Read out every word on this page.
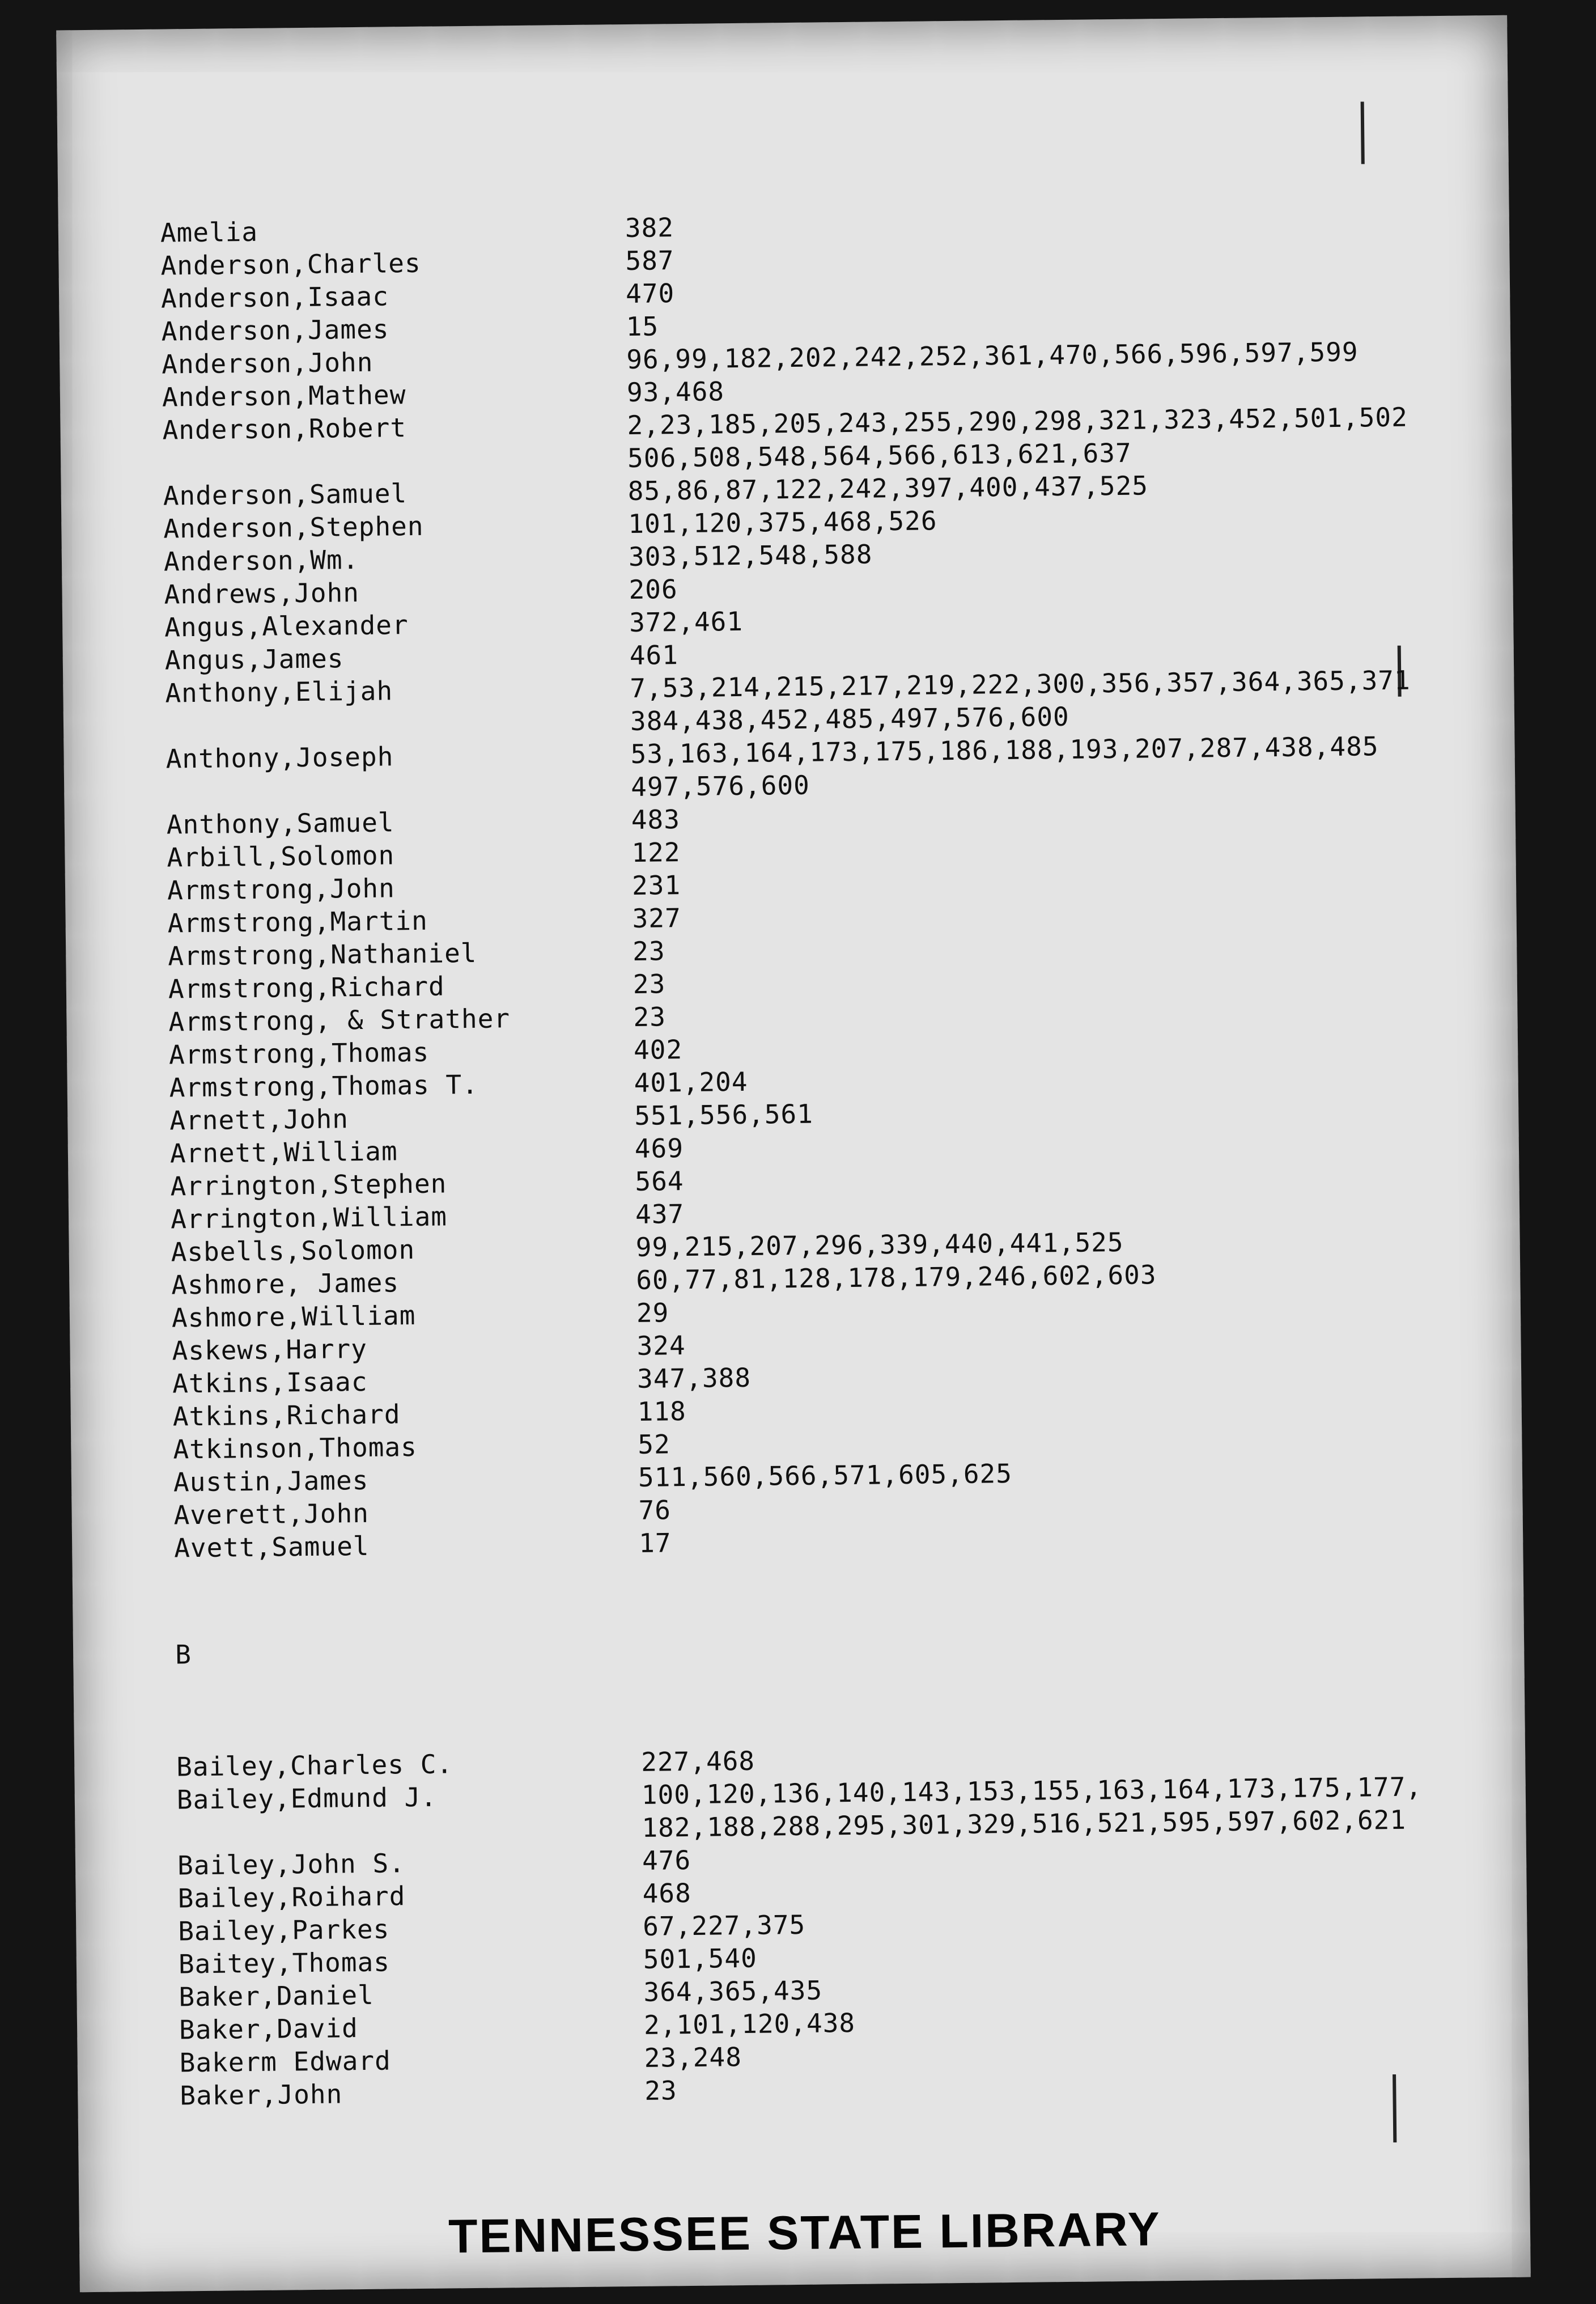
Amelia	382
Anderson,Charles	587
Anderson,Isaac	470
Anderson,James	15
Anderson,John	96,99,182,202,242,252,361,470,566,596,597,599
Anderson,Mathew	93,468
Anderson,Robert	2,23,185,205,243,255,290,298,321,323,452,501,502
506,508,548,564,566,613,621,637
Anderson,Samuel	85,86,87,122,242,397,400,437,525
Anderson,Stephen	101,120,375,468,526
Anderson,Wm.	303,512,548,588
Andrews,John	206
Angus,Alexander	372,461
Angus,James	461
Anthony,Elijah	7,53,214,215,217,219,222,300,356,357,364,365,371
384,438,452,485,497,576,600
Anthony,Joseph	53,163,164,173,175,186,188,193,207,287,438,485
497,576,600
Anthony,Samuel	483
Arbill,Solomon	122
Armstrong,John	231
Armstrong,Martin	327
Armstrong,Nathaniel	23
Armstrong,Richard	23
Armstrong, & Strather	23
Armstrong,Thomas	402
Armstrong,Thomas T.	401,204
Arnett,John	551,556,561
Arnett,William	469
Arrington,Stephen	564
Arrington,William	437
Asbells,Solomon	99,215,207,296,339,440,441,525
Ashmore, James	60,77,81,128,178,179,246,602,603
Ashmore,William	29
Askews,Harry	324
Atkins,Isaac	347,388
Atkins,Richard	118
Atkinson,Thomas	52
Austin,James	511,560,566,571,605,625
Averett,John	76
Avett,Samuel	17
B
Bailey,Charles C.	227,468
Bailey,Edmund J.	100,120,136,140,143,153,155,163,164,173,175,177,
182,188,288,295,301,329,516,521,595,597,602,621
Bailey,John S.	476
Bailey,Roihard	468
Bailey,Parkes	67,227,375
Baitey,Thomas	501,540
Baker,Daniel	364,365,435
Baker,David	2,101,120,438
Bakerm Edward	23,248
Baker,John	23
TENNESSEE STATE LIBRARY
